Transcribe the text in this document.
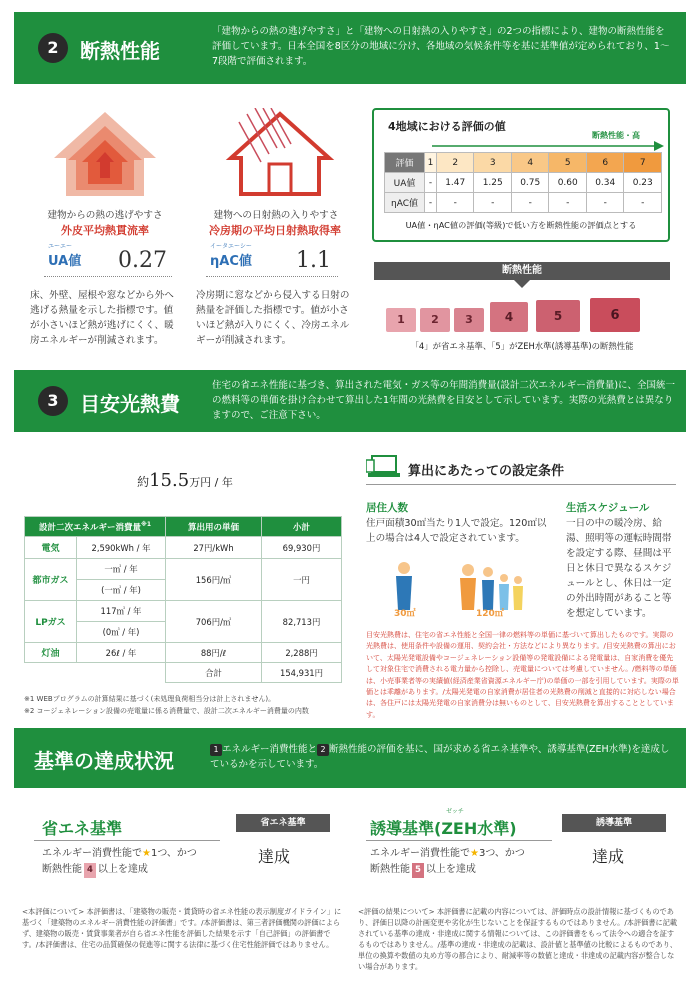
2	断熱性能
「建物からの熱の逃げやすさ」と「建物への日射熱の入りやすさ」の2つの指標により、建物の断熱性能を評価しています。日本全国を8区分の地域に分け、各地域の気候条件等を基に基準値が定められており、1〜7段階で評価されます。
建物からの熱の逃げやすさ
外皮平均熱貫流率
ユーエー
UA値 0.27
床、外壁、屋根や窓などから外へ逃げる熱量を示した指標です。値が小さいほど熱が逃げにくく、暖房エネルギーが削減されます。
建物への日射熱の入りやすさ
冷房期の平均日射熱取得率
イータエーシー
ηAC値 1.1
冷房期に窓などから侵入する日射の熱量を評価した指標です。値が小さいほど熱が入りにくく、冷房エネルギーが削減されます。
4地域における評価の値
断熱性能・高
評価	1	2	3	4	5	6	7
UA値	-	1.47	1.25	0.75	0.60	0.34	0.23
ηAC値	-	-	-	-	-	-	-
UA値・ηAC値の評価(等級)で低い方を断熱性能の評価点とする
断熱性能
1	2	3	4	5	6
「4」が省エネ基準、「5」がZEH水準(誘導基準)の断熱性能
3	目安光熱費
住宅の省エネ性能に基づき、算出された電気・ガス等の年間消費量(設計二次エネルギー消費量)に、全国統一の燃料等の単価を掛け合わせて算出した1年間の光熱費を目安として示しています。実際の光熱費とは異なりますので、ご注意下さい。
約15.5万円 / 年
設計二次エネルギー消費量$^{※1}$		算出用の単価	小計
電気	2,590kWh / 年	27円/kWh	69,930円
都市ガス	一㎥ / 年	156円/㎥	一円
	(一㎥ / 年)		
LPガス	117㎥ / 年	706円/㎥	82,713円
	(0㎥ / 年)		
灯油	26ℓ / 年	88円/ℓ	2,288円
		合計	154,931円
※1 WEBプログラムの計算結果に基づく(未処理負荷相当分は計上されません)。
※2 コージェネレーション設備の売電量に係る消費量で、設計二次エネルギー消費量の内数
算出にあたっての設定条件
居住人数
住戸面積30㎡当たり1人で設定。120㎡以上の場合は4人で設定されています。
30㎡	120㎡
生活スケジュール
一日の中の暖冷房、給湯、照明等の運転時間帯を設定する際、昼間は平日と休日で異なるスケジュールとし、休日は一定の外出時間があること等を想定しています。
目安光熱費は、住宅の省エネ性能と全国一律の燃料等の単価に基づいて算出したものです。実際の光熱費は、使用条件や設備の運用、契約会社・方法などにより異なります。/目安光熱費の算出において、太陽光発電設備やコージェネレーション設備等の発電設備による発電量は、自家消費を優先して対象住宅で消費される電力量から控除し、売電量については考慮していません。/燃料等の単価は、小売事業者等の実績値(経済産業省資源エネルギー庁)の単価の一部を引用しています。実際の単価とは乖離があります。/太陽光発電の自家消費が居住者の光熱費の削減と直接的に対応しない場合は、各住戸には太陽光発電の自家消費分は無いものとして、目安光熱費を算出することとしています。
基準の達成状況	1 エネルギー消費性能と 2 断熱性能の評価を基に、国が求める省エネ基準や、誘導基準(ZEH水準)を達成しているかを示しています。
省エネ基準	省エネ基準
エネルギー消費性能で★1つ、かつ
断熱性能 4 以上を達成
達成
ゼッチ
誘導基準(ZEH水準)	誘導基準
エネルギー消費性能で★3つ、かつ
断熱性能 5 以上を達成
達成
<本評価について> 本評価書は、「建築物の販売・賃貸時の省エネ性能の表示制度ガイドライン」に基づく「建築物のエネルギー消費性能の評価書」です。/本評価書は、第三者評価機関の評価によらず、建築物の販売・賃貸事業者が自ら省エネ性能を評価した結果を示す「自己評価」の評価書です。/本評価書は、住宅の品質確保の促進等に関する法律に基づく住宅性能評価ではありません。
<評価の結果について> 本評価書に記載の内容については、評価時点の設計情報に基づくものであり、評価日以降の計画変更や劣化が生じないことを保証するものではありません。/本評価書に記載されている基準の達成・非達成に関する情報については、この評価書をもって法令への適合を証するものではありません。/基準の達成・非達成の記載は、設計値と基準値の比較によるものであり、単位の換算や数値の丸め方等の都合により、耐減率等の数値と達成・非達成の記載内容が整合しない場合があります。
